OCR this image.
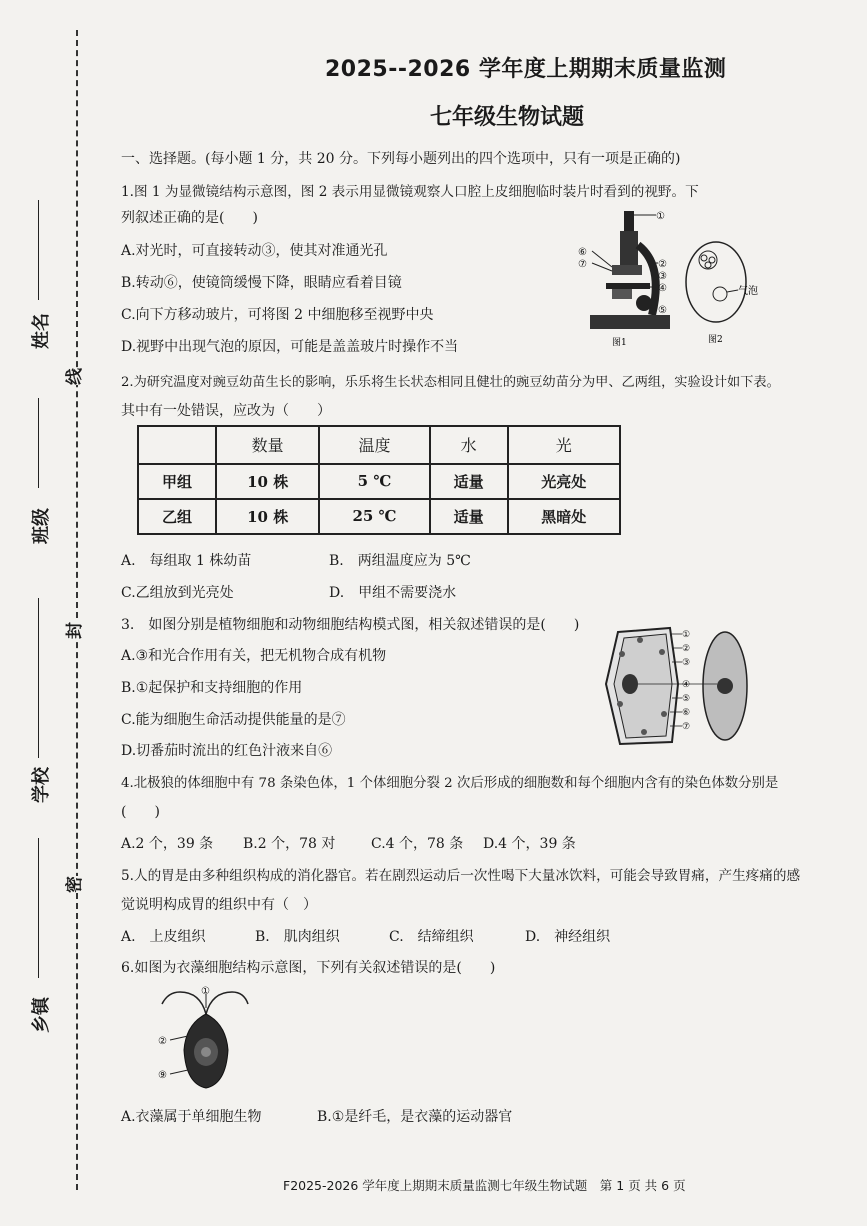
姓名
班级
学校
乡镇
线
封
密
2025--2026 学年度上期期末质量监测
七年级生物试题
一、选择题。(每小题 1 分，共 20 分。下列每小题列出的四个选项中，只有一项是正确的)
1.图 1 为显微镜结构示意图，图 2 表示用显微镜观察人口腔上皮细胞临时装片时看到的视野。下
列叙述正确的是(　　)
A.对光时，可直接转动③，使其对准通光孔
B.转动⑥，使镜筒缓慢下降，眼睛应看着目镜
C.向下方移动玻片，可将图 2 中细胞移至视野中央
D.视野中出现气泡的原因，可能是盖盖玻片时操作不当
①
②
③
④
⑤
⑥
⑦
图1
气泡
图2
2.为研究温度对豌豆幼苗生长的影响，乐乐将生长状态相同且健壮的豌豆幼苗分为甲、乙两组，实验设计如下表。
其中有一处错误，应改为（　　）
	数量	温度	水	光
甲组	10 株	5 ℃	适量	光亮处
乙组	10 株	25 ℃	适量	黑暗处
A.　每组取 1 株幼苗	B.　两组温度应为 5℃
C.乙组放到光亮处	D.　甲组不需要浇水
3.　如图分别是植物细胞和动物细胞结构模式图，相关叙述错误的是(　　)
A.③和光合作用有关，把无机物合成有机物
B.①起保护和支持细胞的作用
C.能为细胞生命活动提供能量的是⑦
D.切番茄时流出的红色汁液来自⑥
①
②
③
④
⑤
⑥
⑦
4.北极狼的体细胞中有 78 条染色体，1 个体细胞分裂 2 次后形成的细胞数和每个细胞内含有的染色体数分别是
(　　)
A.2 个，39 条 B.2 个，78 对	C.4 个，78 条 D.4 个，39 条
5.人的胃是由多种组织构成的消化器官。若在剧烈运动后一次性喝下大量冰饮料，可能会导致胃痛，产生疼痛的感
觉说明构成胃的组织中有（　）
A.　上皮组织	B.　肌肉组织	C.　结缔组织	D.　神经组织
6.如图为衣藻细胞结构示意图，下列有关叙述错误的是(　　)
①
②
⑨
A.衣藻属于单细胞生物	B.①是纤毛，是衣藻的运动器官
F2025-2026 学年度上期期末质量监测七年级生物试题　第 1 页 共 6 页
